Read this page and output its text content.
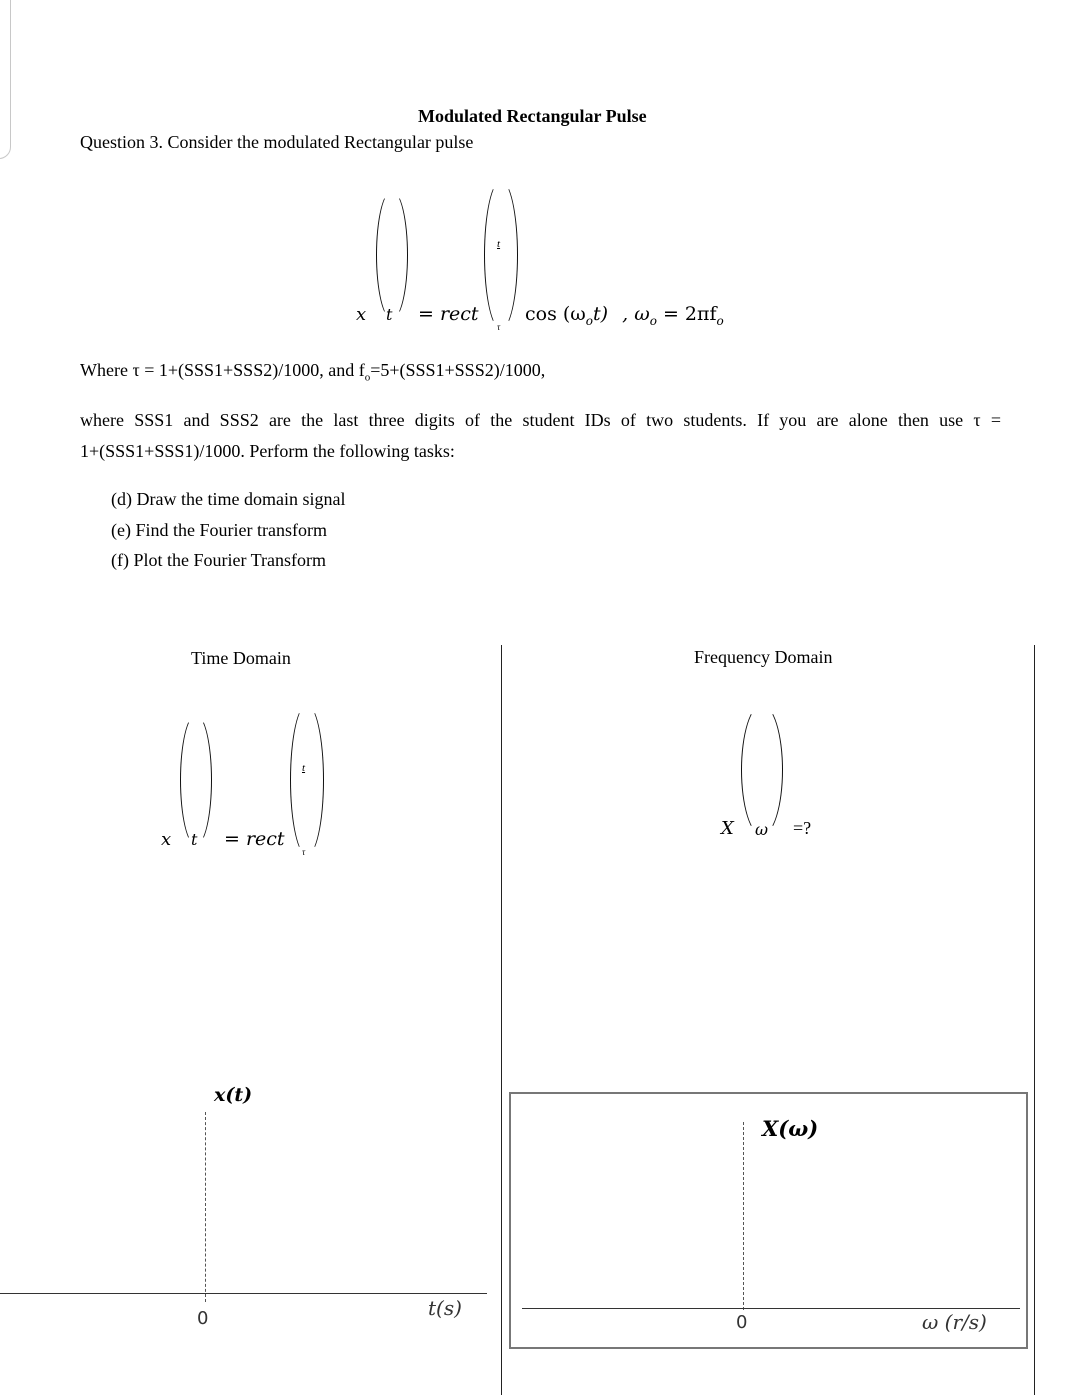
Modulated Rectangular Pulse
Question 3. Consider the modulated Rectangular pulse
x t = rect
t
τ
$\cos (\omega_ot)$ , $\omega_o = 2\pi f_o$
Where τ = 1+(SSS1+SSS2)/1000, and $f_o=5+(SSS1+SSS2)/1000$,
where SSS1 and SSS2 are the last three digits of the student IDs of two students. If you are alone then use τ =
1+(SSS1+SSS1)/1000. Perform the following tasks:
(d) Draw the time domain signal
(e) Find the Fourier transform
(f) Plot the Fourier Transform
Time Domain
x t = rect
t
τ
x(t)
0	t(s)
Frequency Domain
X ω =?
X(ω)
0	ω (r/s)
